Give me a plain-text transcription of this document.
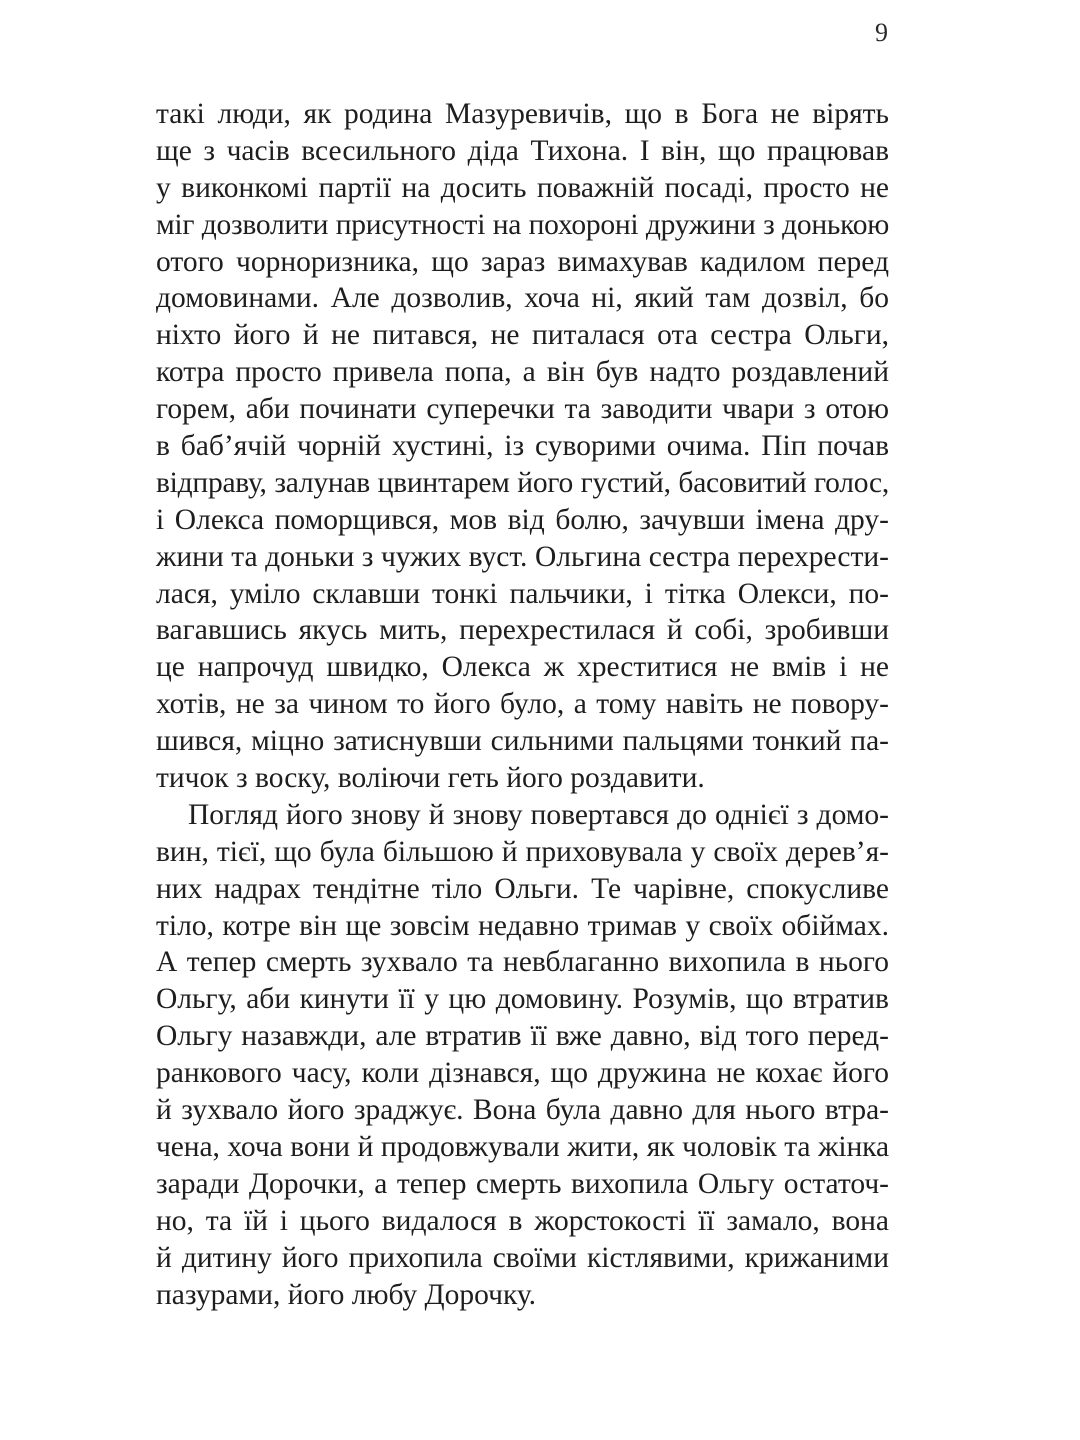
9
такі люди, як родина Мазуревичів, що в Бога не вірять
ще з часів всесильного діда Тихона. І він, що працював
у виконкомі партії на досить поважній посаді, просто не
міг дозволити присутності на похороні дружини з донькою
отого чорноризника, що зараз вимахував кадилом перед
домовинами. Але дозволив, хоча ні, який там дозвіл, бо
ніхто його й не питався, не питалася ота сестра Ольги,
котра просто привела попа, а він був надто роздавлений
горем, аби починати суперечки та заводити чвари з отою
в баб’ячій чорній хустині, із суворими очима. Піп почав
відправу, залунав цвинтарем його густий, басовитий голос,
і Олекса поморщився, мов від болю, зачувши імена дру-
жини та доньки з чужих вуст. Ольгина сестра перехрести-
лася, уміло склавши тонкі пальчики, і тітка Олекси, по-
вагавшись якусь мить, перехрестилася й собі, зробивши
це напрочуд швидко, Олекса ж хреститися не вмів і не
хотів, не за чином то його було, а тому навіть не повору-
шився, міцно затиснувши сильними пальцями тонкий па-
тичок з воску, воліючи геть його роздавити.
Погляд його знову й знову повертався до однієї з домо-
вин, тієї, що була більшою й приховувала у своїх дерев’я-
них надрах тендітне тіло Ольги. Те чарівне, спокусливе
тіло, котре він ще зовсім недавно тримав у своїх обіймах.
А тепер смерть зухвало та невблаганно вихопила в нього
Ольгу, аби кинути її у цю домовину. Розумів, що втратив
Ольгу назавжди, але втратив її вже давно, від того перед-
ранкового часу, коли дізнався, що дружина не кохає його
й зухвало його зраджує. Вона була давно для нього втра-
чена, хоча вони й продовжували жити, як чоловік та жінка
заради Дорочки, а тепер смерть вихопила Ольгу остаточ-
но, та їй і цього видалося в жорстокості її замало, вона
й дитину його прихопила своїми кістлявими, крижаними
пазурами, його любу Дорочку.
